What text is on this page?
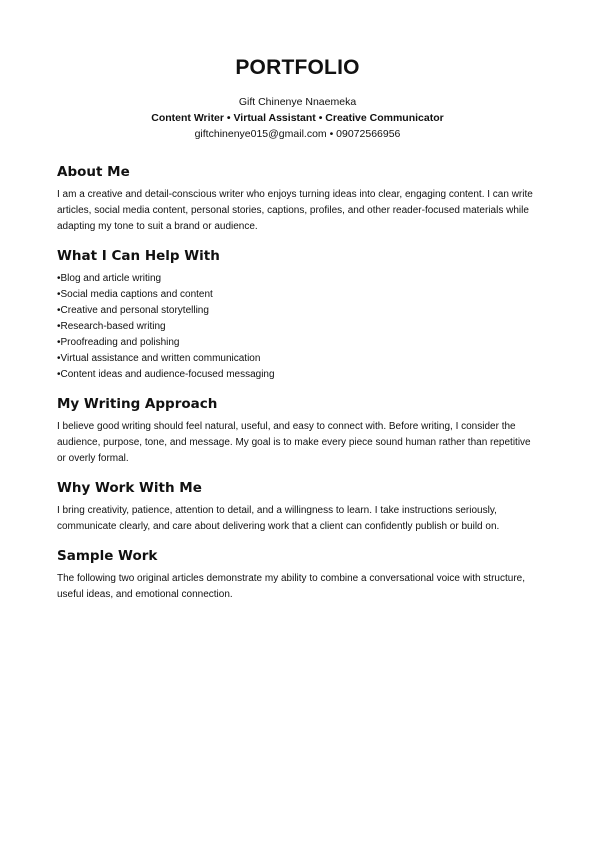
PORTFOLIO
Gift Chinenye Nnaemeka
Content Writer • Virtual Assistant • Creative Communicator
giftchinenye015@gmail.com • 09072566956
About Me

I am a creative and detail-conscious writer who enjoys turning ideas into clear, engaging content. I can write articles, social media content, personal stories, captions, profiles, and other reader-focused materials while adapting my tone to suit a brand or audience.

What I Can Help With
• Blog and article writing
• Social media captions and content
• Creative and personal storytelling
• Research-based writing
• Proofreading and polishing
• Virtual assistance and written communication
• Content ideas and audience-focused messaging
My Writing Approach

I believe good writing should feel natural, useful, and easy to connect with. Before writing, I consider the audience, purpose, tone, and message. My goal is to make every piece sound human rather than repetitive or overly formal.

Why Work With Me

I bring creativity, patience, attention to detail, and a willingness to learn. I take instructions seriously, communicate clearly, and care about delivering work that a client can confidently publish or build on.

Sample Work

The following two original articles demonstrate my ability to combine a conversational voice with structure, useful ideas, and emotional connection.
